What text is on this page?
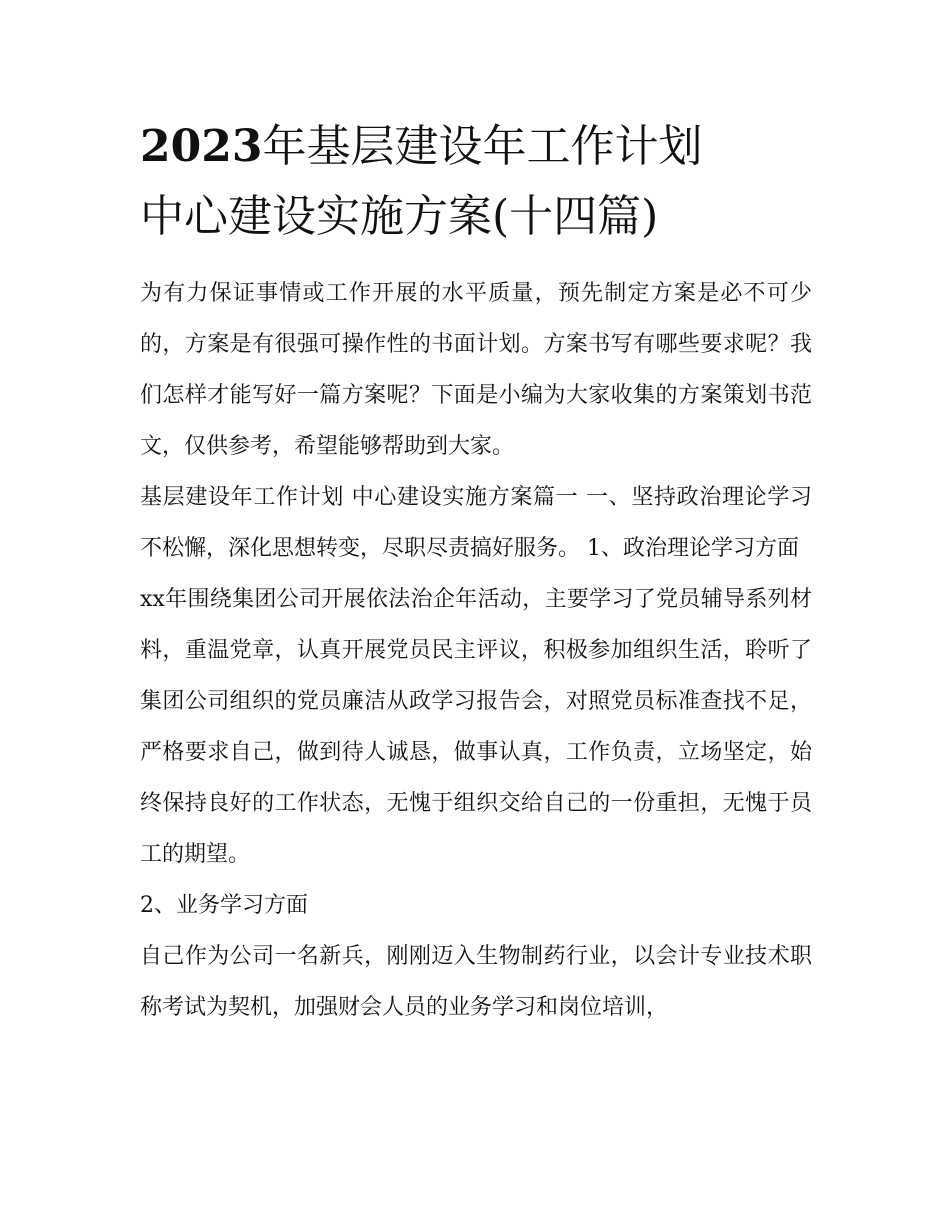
2023年基层建设年工作计划
中心建设实施方案(十四篇)

为有力保证事情或工作开展的水平质量，预先制定方案是必不可少的，方案是有很强可操作性的书面计划。方案书写有哪些要求呢？我们怎样才能写好一篇方案呢？下面是小编为大家收集的方案策划书范文，仅供参考，希望能够帮助到大家。

基层建设年工作计划 中心建设实施方案篇一 一、坚持政治理论学习不松懈，深化思想转变，尽职尽责搞好服务。 1、政治理论学习方面

xx年围绕集团公司开展依法治企年活动，主要学习了党员辅导系列材料，重温党章，认真开展党员民主评议，积极参加组织生活，聆听了集团公司组织的党员廉洁从政学习报告会，对照党员标准查找不足，严格要求自己，做到待人诚恳，做事认真，工作负责，立场坚定，始终保持良好的工作状态，无愧于组织交给自己的一份重担，无愧于员工的期望。

2、业务学习方面

自己作为公司一名新兵，刚刚迈入生物制药行业，以会计专业技术职称考试为契机，加强财会人员的业务学习和岗位培训，
